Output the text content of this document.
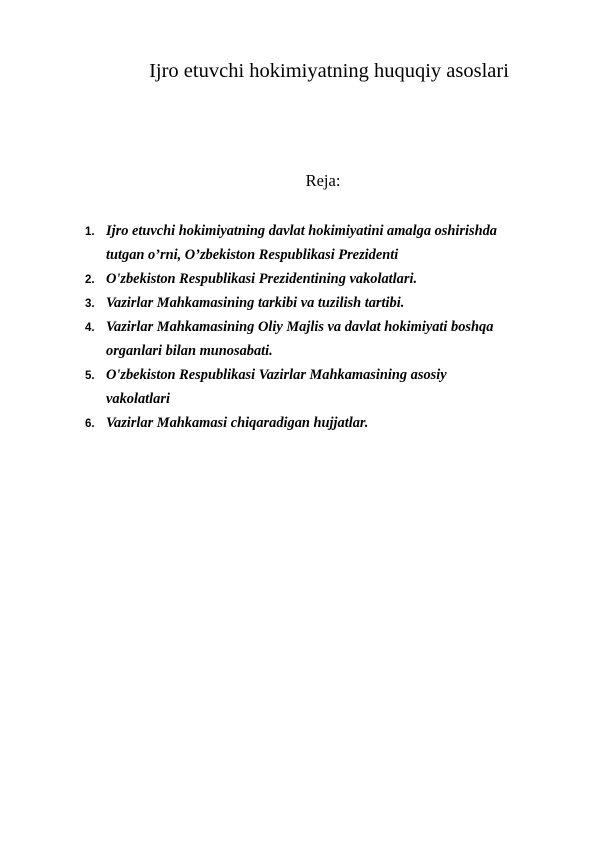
Ijro etuvchi hokimiyatning huquqiy asoslari
Reja:
1. Ijro etuvchi hokimiyatning davlat hokimiyatini amalga oshirishda
tutgan o’rni, O’zbekiston Respublikasi Prezidenti
2. O'zbekiston Respublikasi Prezidentining vakolatlari.
3. Vazirlar Mahkamasining tarkibi va tuzilish tartibi.
4. Vazirlar Mahkamasining Oliy Majlis va davlat hokimiyati boshqa
organlari bilan munosabati.
5. O'zbekiston Respublikasi Vazirlar Mahkamasining asosiy
vakolatlari
6. Vazirlar Mahkamasi chiqaradigan hujjatlar.
